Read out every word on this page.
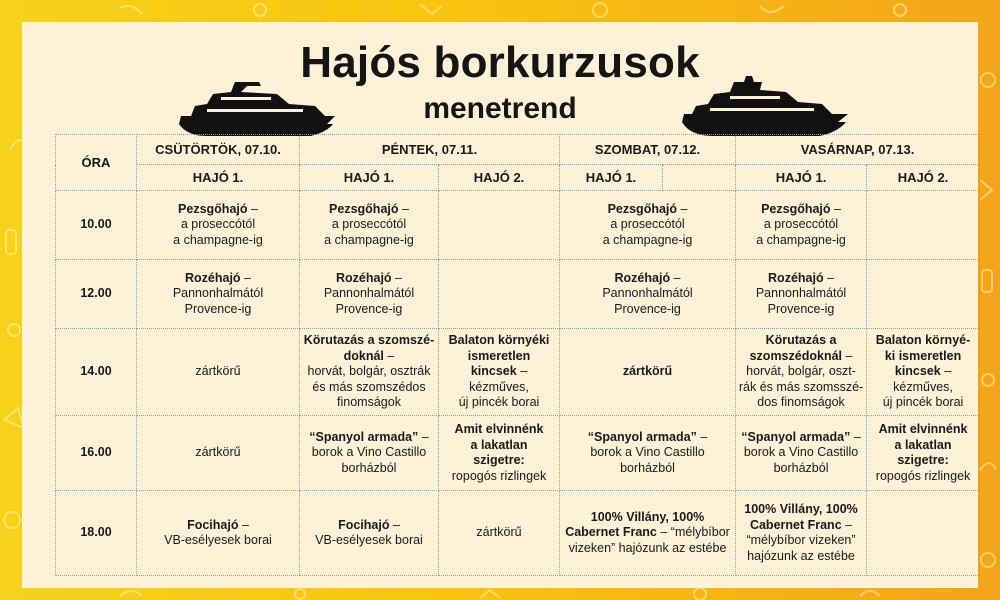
Hajós borkurzusok
menetrend
ÓRA	CSÜTÖRTÖK, 07.10.	PÉNTEK, 07.11.		SZOMBAT, 07.12.		VASÁRNAP, 07.13.	
	HAJÓ 1.	HAJÓ 1.	HAJÓ 2.	HAJÓ 1.		HAJÓ 1.	HAJÓ 2.
10.00	Pezsgőhajó –
a proseccótól
a champagne-ig	Pezsgőhajó –
a proseccótól
a champagne-ig		Pezsgőhajó –
a proseccótól
a champagne-ig		Pezsgőhajó –
a proseccótól
a champagne-ig	

12.00	Rozéhajó –
Pannonhalmától
Provence-ig	Rozéhajó –
Pannonhalmától
Provence-ig		Rozéhajó –
Pannonhalmától
Provence-ig		Rozéhajó –
Pannonhalmától
Provence-ig	

14.00	zártkörű	Körutazás a szomszé-
doknál –
horvát, bolgár, osztrák
és más szomszédos
finomságok	Balaton környéki
ismeretlen
kincsek –
kézműves,
új pincék borai	zártkörű		Körutazás a
szomszédoknál –
horvát, bolgár, oszt-
rák és más szomsszé-
dos finomságok	Balaton környé-
ki ismeretlen
kincsek –
kézműves,
új pincék borai

16.00	zártkörű	“Spanyol armada” –
borok a Vino Castillo
borházból	Amit elvinnénk
a lakatlan
szigetre:
ropogós rizlingek	“Spanyol armada” –
borok a Vino Castillo
borházból		“Spanyol armada” –
borok a Vino Castillo
borházból	Amit elvinnénk
a lakatlan
szigetre:
ropogós rizlingek

18.00	Focihajó –
VB-esélyesek borai	Focihajó –
VB-esélyesek borai	zártkörű	100% Villány, 100%
Cabernet Franc – “mélybíbor
vizeken” hajózunk az estébe		100% Villány, 100%
Cabernet Franc –
“mélybíbor vizeken”
hajózunk az estébe	
